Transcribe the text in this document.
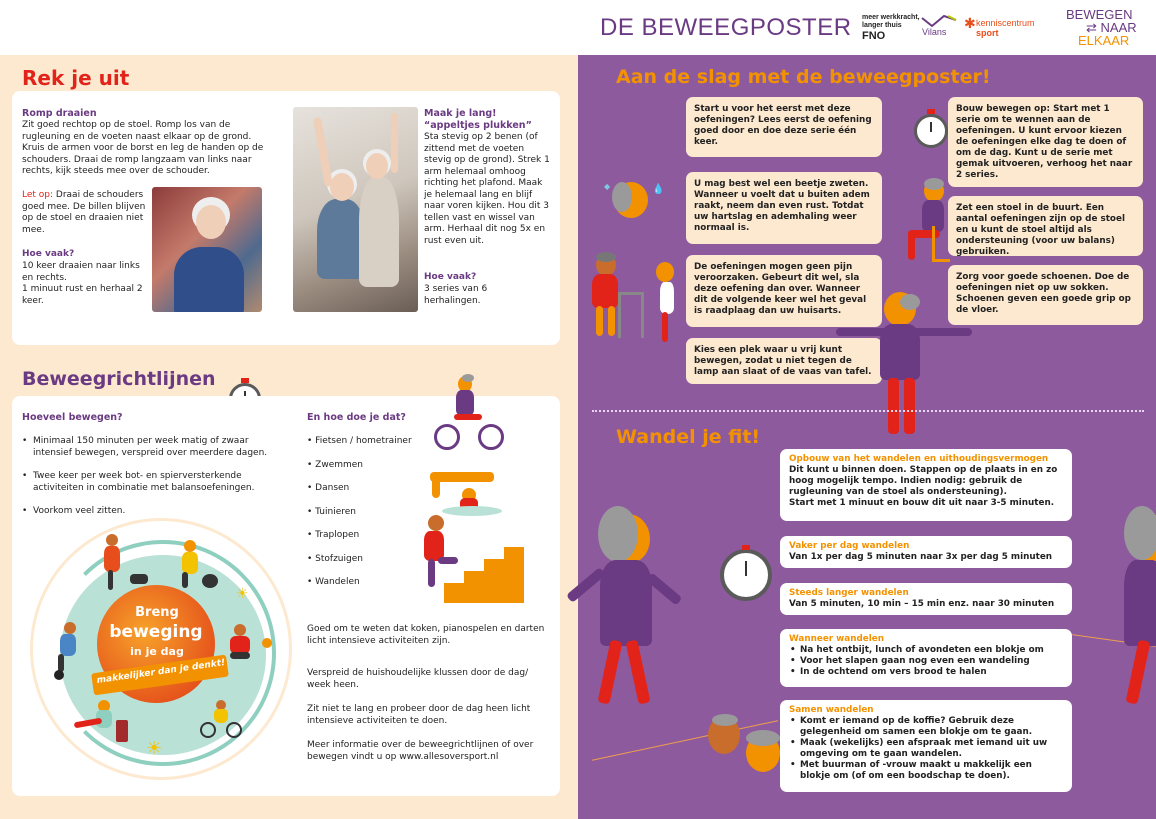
DE BEWEEGPOSTER meer werkkracht,
langer thuis
FNO	Vilans
✱ kenniscentrum
sport
BEWEGEN
⇄ NAAR
ELKAAR
Rek je uit
Romp draaien
Zit goed rechtop op de stoel. Romp los van de rugleuning en de voeten naast elkaar op de grond. Kruis de armen voor de borst en leg de handen op de schouders. Draai de romp langzaam van links naar rechts, kijk steeds mee over de schouder.
Let op: Draai de schouders goed mee. De billen blijven op de stoel en draaien niet mee.
Hoe vaak?
10 keer draaien naar links en rechts.
1 minuut rust en herhaal 2 keer.
Maak je lang!
“appeltjes plukken”
Sta stevig op 2 benen (of zittend met de voeten stevig op de grond). Strek 1 arm helemaal omhoog richting het plafond. Maak je helemaal lang en blijf naar voren kijken. Hou dit 3 tellen vast en wissel van arm. Herhaal dit nog 5x en rust even uit.
Hoe vaak?
3 series van 6 herhalingen.
Beweegrichtlijnen
Hoeveel bewegen?
• Minimaal 150 minuten per week matig of zwaar intensief bewegen, verspreid over meerdere dagen.
• Twee keer per week bot- en spierversterkende activiteiten in combinatie met balansoefeningen.
• Voorkom veel zitten.
En hoe doe je dat?
• Fietsen / hometrainer
• Zwemmen
• Dansen
• Tuinieren
• Traplopen
• Stofzuigen
• Wandelen
Goed om te weten dat koken, pianospelen en darten licht intensieve activiteiten zijn.
Verspreid de huishoudelijke klussen door de dag/ week heen.
Zit niet te lang en probeer door de dag heen licht intensieve activiteiten te doen.
Meer informatie over de beweegrichtlijnen of over bewegen vindt u op www.allesoversport.nl
Breng
beweging
in je dag
makkelijker dan je denkt!
☀
☀
Aan de slag met de beweegposter!
Start u voor het eerst met deze oefeningen? Lees eerst de oefening goed door en doe deze serie één keer.
U mag best wel een beetje zweten. Wanneer u voelt dat u buiten adem raakt, neem dan even rust. Totdat uw hartslag en ademhaling weer normaal is.
De oefeningen mogen geen pijn veroorzaken. Gebeurt dit wel, sla deze oefening dan over. Wanneer dit de volgende keer wel het geval is raadplaag dan uw huisarts.
Kies een plek waar u vrij kunt bewegen, zodat u niet tegen de lamp aan slaat of de vaas van tafel.
Bouw bewegen op: Start met 1 serie om te wennen aan de oefeningen. U kunt ervoor kiezen de oefeningen elke dag te doen of om de dag. Kunt u de serie met gemak uitvoeren, verhoog het naar 2 series.
Zet een stoel in de buurt. Een aantal oefeningen zijn op de stoel en u kunt de stoel altijd als ondersteuning (voor uw balans) gebruiken.
Zorg voor goede schoenen. Doe de oefeningen niet op uw sokken. Schoenen geven een goede grip op de vloer.
💧
◆
Wandel je fit!
Opbouw van het wandelen en uithoudingsvermogen
Dit kunt u binnen doen. Stappen op de plaats in en zo hoog mogelijk tempo. Indien nodig: gebruik de rugleuning van de stoel als ondersteuning).
Start met 1 minuut en bouw dit uit naar 3-5 minuten.
Vaker per dag wandelen
Van 1x per dag 5 minuten naar 3x per dag 5 minuten
Steeds langer wandelen
Van 5 minuten, 10 min – 15 min enz. naar 30 minuten
Wanneer wandelen
• Na het ontbijt, lunch of avondeten een blokje om
• Voor het slapen gaan nog even een wandeling
• In de ochtend om vers brood te halen
Samen wandelen
• Komt er iemand op de koffie? Gebruik deze gelegenheid om samen een blokje om te gaan.
• Maak (wekelijks) een afspraak met iemand uit uw omgeving om te gaan wandelen.
• Met buurman of -vrouw maakt u makkelijk een blokje om (of om een boodschap te doen).
